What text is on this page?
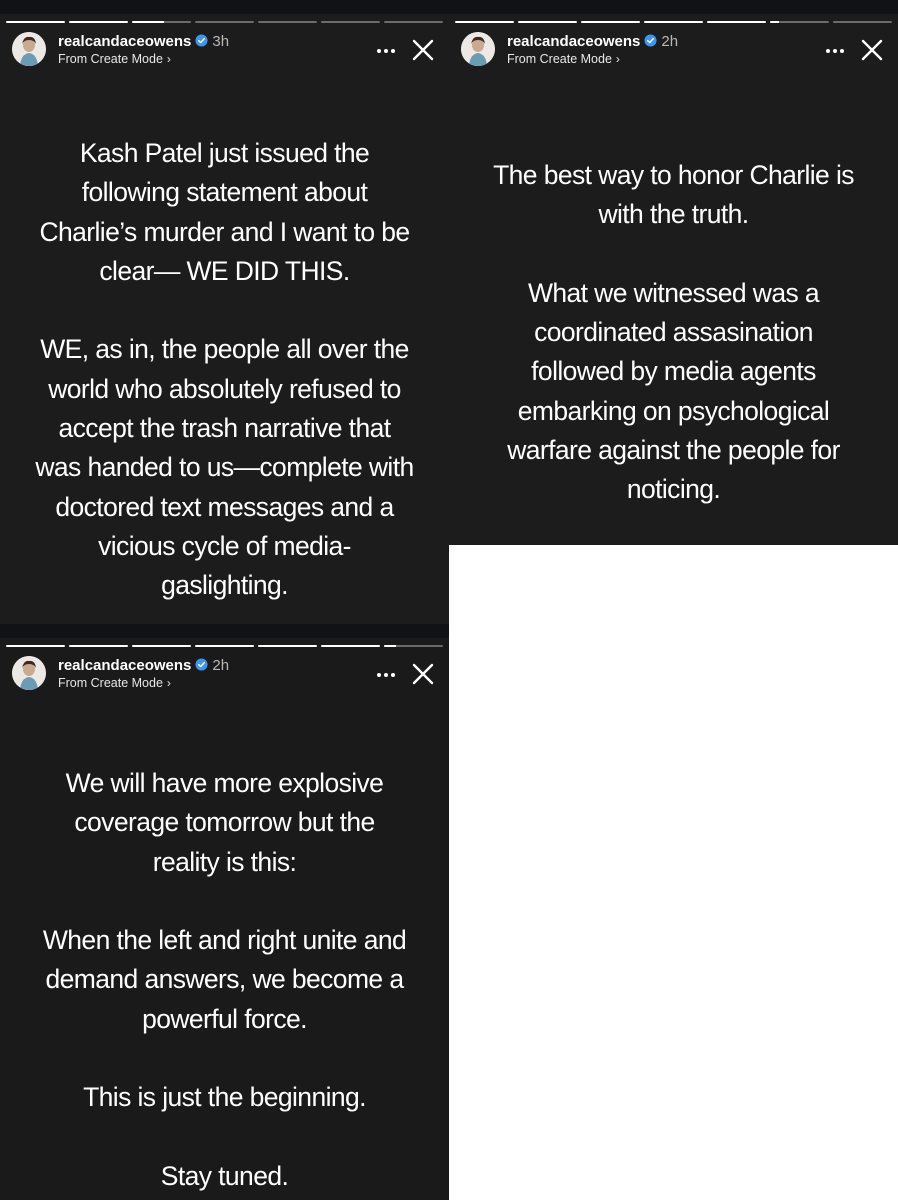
realcandaceowens 3h
From Create Mode ›

Kash Patel just issued the

following statement about

Charlie’s murder and I want to be

clear— WE DID THIS.

WE, as in, the people all over the

world who absolutely refused to

accept the trash narrative that

was handed to us—complete with

doctored text messages and a

vicious cycle of media-

gaslighting.

realcandaceowens 2h
From Create Mode ›

The best way to honor Charlie is

with the truth.

What we witnessed was a

coordinated assasination

followed by media agents

embarking on psychological

warfare against the people for

noticing.

realcandaceowens 2h
From Create Mode ›

We will have more explosive

coverage tomorrow but the

reality is this:

When the left and right unite and

demand answers, we become a

powerful force.

This is just the beginning.

Stay tuned.
